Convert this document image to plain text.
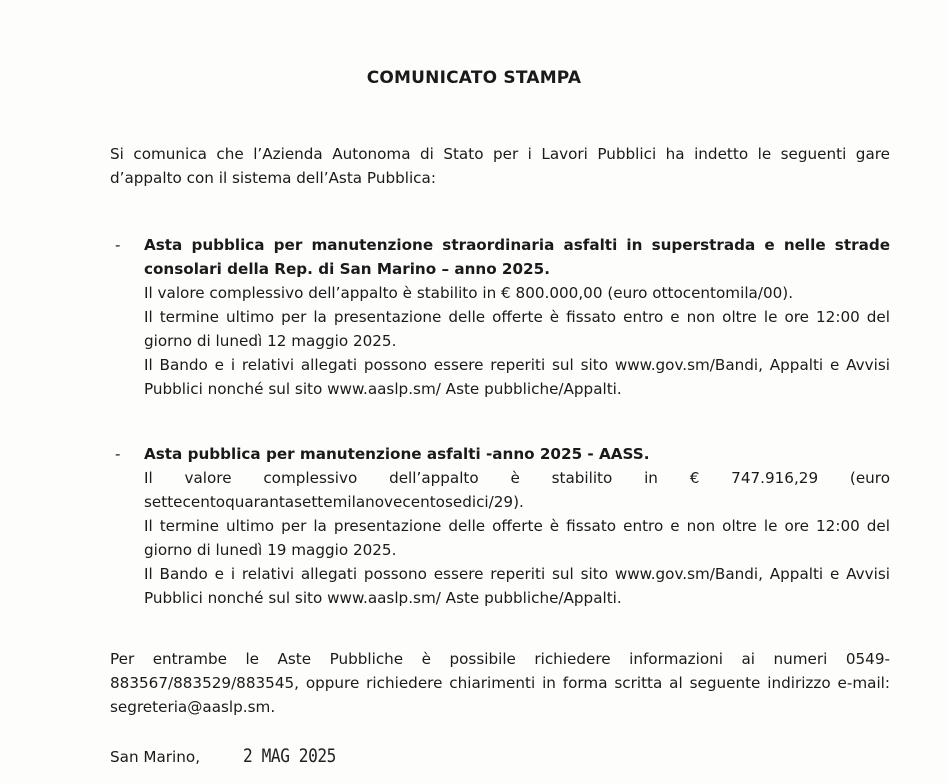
COMUNICATO STAMPA
Si comunica che l’Azienda Autonoma di Stato per i Lavori Pubblici ha indetto le seguenti gare d’appalto con il sistema dell’Asta Pubblica:
- Asta pubblica per manutenzione straordinaria asfalti in superstrada e nelle strade consolari della Rep. di San Marino – anno 2025.
Il valore complessivo dell’appalto è stabilito in € 800.000,00 (euro ottocentomila/00).
Il termine ultimo per la presentazione delle offerte è fissato entro e non oltre le ore 12:00 del giorno di lunedì 12 maggio 2025.
Il Bando e i relativi allegati possono essere reperiti sul sito www.gov.sm/Bandi, Appalti e Avvisi Pubblici nonché sul sito www.aaslp.sm/ Aste pubbliche/Appalti.
- Asta pubblica per manutenzione asfalti -anno 2025 - AASS.
Il valore complessivo dell’appalto è stabilito in € 747.916,29 (euro settecentoquarantasettemilanovecentosedici/29).
Il termine ultimo per la presentazione delle offerte è fissato entro e non oltre le ore 12:00 del giorno di lunedì 19 maggio 2025.
Il Bando e i relativi allegati possono essere reperiti sul sito www.gov.sm/Bandi, Appalti e Avvisi Pubblici nonché sul sito www.aaslp.sm/ Aste pubbliche/Appalti.
Per entrambe le Aste Pubbliche è possibile richiedere informazioni ai numeri 0549-883567/883529/883545, oppure richiedere chiarimenti in forma scritta al seguente indirizzo e-mail: segreteria@aaslp.sm.
San Marino, 2 MAG 2025
